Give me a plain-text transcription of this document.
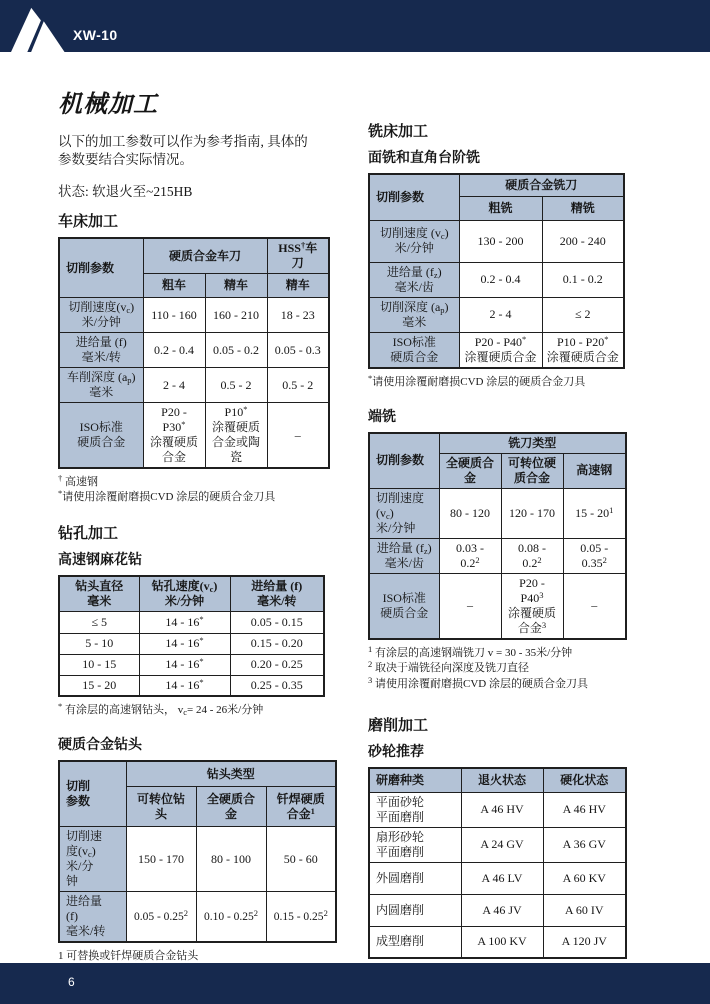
XW-10
机械加工

以下的加工参数可以作为参考指南, 具体的
参数要结合实际情况。

状态: 软退火至~215HB

车床加工
切削参数	硬质合金车刀		HSS†车
刀
	粗车	精车	精车
切削速度$(v_c)$
米/分钟	110 - 160	160 - 210	18 - 23
进给量 (f)
毫米/转	0.2 - 0.4	0.05 - 0.2	0.05 - 0.3
车削深度 $(a_p)$
毫米	2 - 4	0.5 - 2	0.5 - 2
ISO标准
硬质合金	P20 -
P30*
涂覆硬质合金	P10*
涂覆硬质合金或陶瓷	–

† 高速钢
*请使用涂覆耐磨损CVD 涂层的硬质合金刀具

钻孔加工
高速钢麻花钻
钻头直径
毫米	钻孔速度$(v_c)$
米/分钟	进给量 (f)
毫米/转
≤ 5	14 - 16*	0.05 - 0.15
5 - 10	14 - 16*	0.15 - 0.20
10 - 15	14 - 16*	0.20 - 0.25
15 - 20	14 - 16*	0.25 - 0.35

* 有涂层的高速钢钻头， $v_c= 24 - 26$米/分钟

硬质合金钻头
切削
参数	钻头类型		
	可转位钻
头	全硬质合
金	钎焊硬质
合金$^1$
切削速
度$(v_c)$
米/分
钟	150 - 170	80 - 100	50 - 60
进给量
(f)
毫米/转	0.05 - 0.25$^2$	0.10 - 0.25$^2$	0.15 - 0.25$^2$

1 可替换或钎焊硬质合金钻头

铣床加工
面铣和直角台阶铣
切削参数	硬质合金铣刀	
	粗铣	精铣
切削速度 $(v_c)$
米/分钟	130 - 200	200 - 240
进给量 $(f_z)$
毫米/齿	0.2 - 0.4	0.1 - 0.2
切削深度 $(a_p)$
毫米	2 - 4	≤ 2
ISO标准
硬质合金	P20 - P40*
涂覆硬质合金	P10 - P20*
涂覆硬质合金

*请使用涂覆耐磨损CVD 涂层的硬质合金刀具

端铣
切削参数	铣刀类型		
	全硬质合
金	可转位硬
质合金	高速钢
切削速度
$(v_c)$
米/分钟	80 - 120	120 - 170	$15 - 20^1$
进给量 $(f_z)$
毫米/齿	0.03 -
$0.2^2$	0.08 -
$0.2^2$	0.05 -
0.35$^2$
ISO标准
硬质合金	–	P20 -
$P40^3$
涂覆硬质
合金$^3$	–

$^1$ 有涂层的高速钢端铣刀 v = 30 - 35米/分钟
$^2$ 取决于端铣径向深度及铣刀直径
$^3$ 请使用涂覆耐磨损CVD 涂层的硬质合金刀具

磨削加工
砂轮推荐
研磨种类	退火状态	硬化状态
平面砂轮
平面磨削	A 46 HV	A 46 HV
扇形砂轮
平面磨削	A 24 GV	A 36 GV
外圆磨削	A 46 LV	A 60 KV
内圆磨削	A 46 JV	A 60 IV
成型磨削	A 100 KV	A 120 JV
6
